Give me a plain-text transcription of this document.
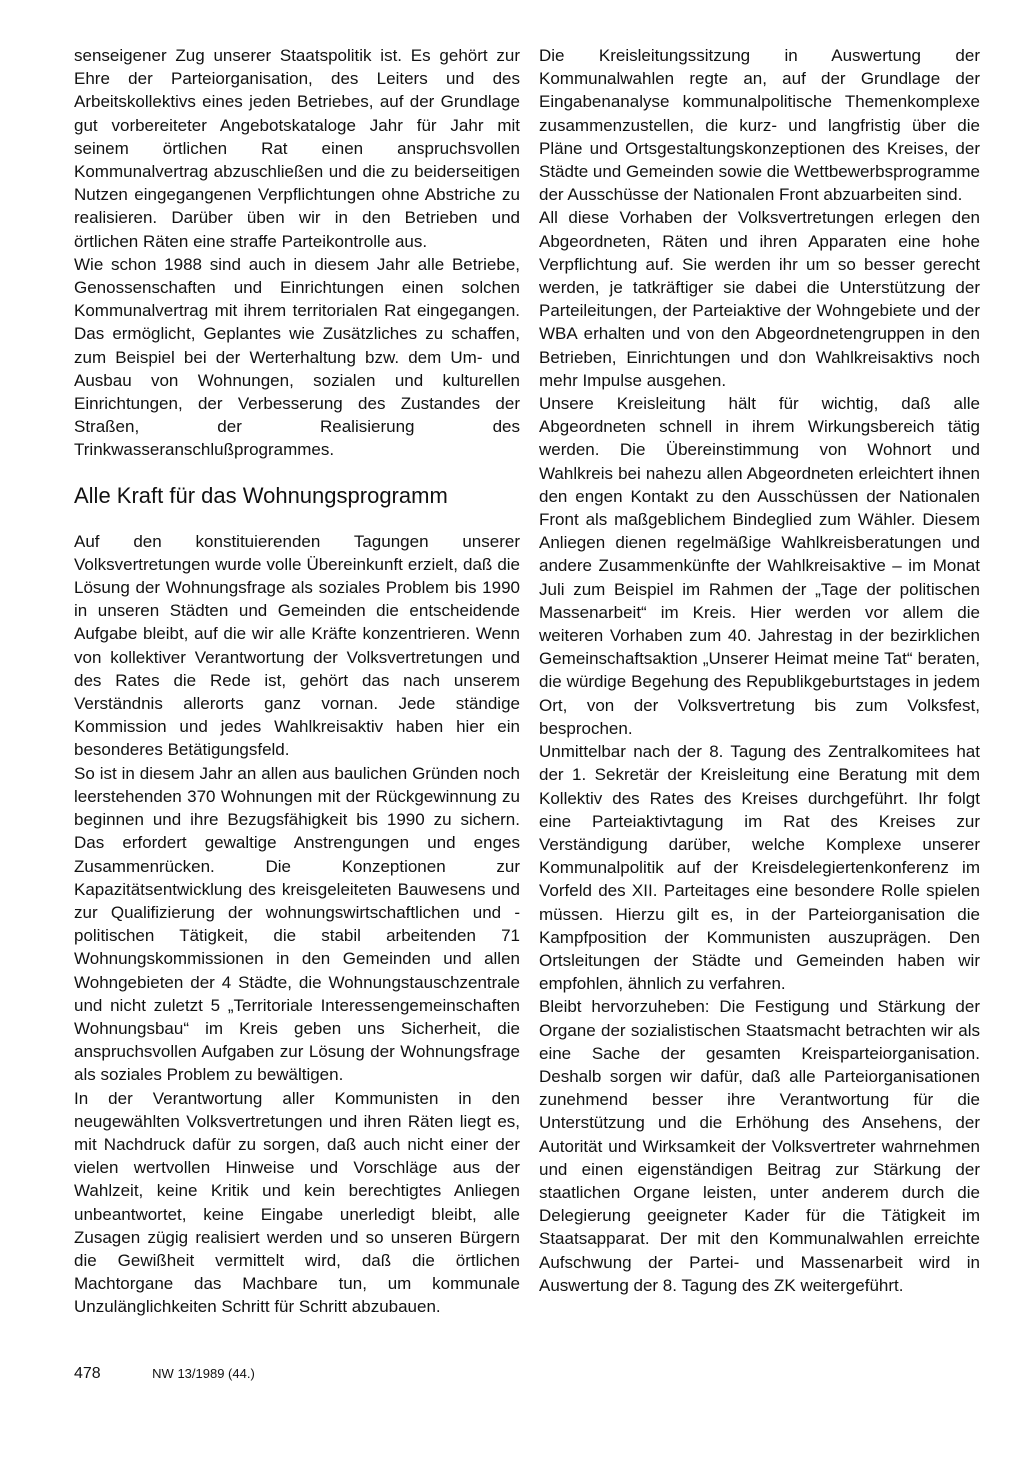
senseigener Zug unserer Staatspolitik ist. Es gehört zur Ehre der Parteiorganisation, des Leiters und des Arbeitskollektivs eines jeden Betriebes, auf der Grundlage gut vorbereiteter Angebotskataloge Jahr für Jahr mit seinem örtlichen Rat einen anspruchsvollen Kommunalvertrag abzuschließen und die zu beiderseitigen Nutzen eingegangenen Verpflichtungen ohne Abstriche zu realisieren. Darüber üben wir in den Betrieben und örtlichen Räten eine straffe Parteikontrolle aus.

Wie schon 1988 sind auch in diesem Jahr alle Betriebe, Genossenschaften und Einrichtungen einen solchen Kommunalvertrag mit ihrem territorialen Rat eingegangen. Das ermöglicht, Geplantes wie Zusätzliches zu schaffen, zum Beispiel bei der Werterhaltung bzw. dem Um- und Ausbau von Wohnungen, sozialen und kulturellen Einrichtungen, der Verbesserung des Zustandes der Straßen, der Realisierung des Trinkwasseranschlußprogrammes.

Alle Kraft für das Wohnungsprogramm

Auf den konstituierenden Tagungen unserer Volksvertretungen wurde volle Übereinkunft erzielt, daß die Lösung der Wohnungsfrage als soziales Problem bis 1990 in unseren Städten und Gemeinden die entscheidende Aufgabe bleibt, auf die wir alle Kräfte konzentrieren. Wenn von kollektiver Verantwortung der Volksvertretungen und des Rates die Rede ist, gehört das nach unserem Verständnis allerorts ganz vornan. Jede ständige Kommission und jedes Wahlkreisaktiv haben hier ein besonderes Betätigungsfeld.

So ist in diesem Jahr an allen aus baulichen Gründen noch leerstehenden 370 Wohnungen mit der Rückgewinnung zu beginnen und ihre Bezugsfähigkeit bis 1990 zu sichern. Das erfordert gewaltige Anstrengungen und enges Zusammenrücken. Die Konzeptionen zur Kapazitätsentwicklung des kreisgeleiteten Bauwesens und zur Qualifizierung der wohnungswirtschaftlichen und -politischen Tätigkeit, die stabil arbeitenden 71 Wohnungskommissionen in den Gemeinden und allen Wohngebieten der 4 Städte, die Wohnungstauschzentrale und nicht zuletzt 5 „Territoriale Interessengemeinschaften Wohnungsbau“ im Kreis geben uns Sicherheit, die anspruchsvollen Aufgaben zur Lösung der Wohnungsfrage als soziales Problem zu bewältigen.

In der Verantwortung aller Kommunisten in den neugewählten Volksvertretungen und ihren Räten liegt es, mit Nachdruck dafür zu sorgen, daß auch nicht einer der vielen wertvollen Hinweise und Vorschläge aus der Wahlzeit, keine Kritik und kein berechtigtes Anliegen unbeantwortet, keine Eingabe unerledigt bleibt, alle Zusagen zügig realisiert werden und so unseren Bürgern die Gewißheit vermittelt wird, daß die örtlichen Machtorgane das Machbare tun, um kommunale Unzulänglichkeiten Schritt für Schritt abzubauen.

Die Kreisleitungssitzung in Auswertung der Kommunalwahlen regte an, auf der Grundlage der Eingabenanalyse kommunalpolitische Themenkomplexe zusammenzustellen, die kurz- und langfristig über die Pläne und Ortsgestaltungskonzeptionen des Kreises, der Städte und Gemeinden sowie die Wettbewerbsprogramme der Ausschüsse der Nationalen Front abzuarbeiten sind.

All diese Vorhaben der Volksvertretungen erlegen den Abgeordneten, Räten und ihren Apparaten eine hohe Verpflichtung auf. Sie werden ihr um so besser gerecht werden, je tatkräftiger sie dabei die Unterstützung der Parteileitungen, der Parteiaktive der Wohngebiete und der WBA erhalten und von den Abgeordnetengruppen in den Betrieben, Einrichtungen und dɔn Wahlkreisaktivs noch mehr Impulse ausgehen.

Unsere Kreisleitung hält für wichtig, daß alle Abgeordneten schnell in ihrem Wirkungsbereich tätig werden. Die Übereinstimmung von Wohnort und Wahlkreis bei nahezu allen Abgeordneten erleichtert ihnen den engen Kontakt zu den Ausschüssen der Nationalen Front als maßgeblichem Bindeglied zum Wähler. Diesem Anliegen dienen regelmäßige Wahlkreisberatungen und andere Zusammenkünfte der Wahlkreisaktive – im Monat Juli zum Beispiel im Rahmen der „Tage der politischen Massenarbeit“ im Kreis. Hier werden vor allem die weiteren Vorhaben zum 40. Jahrestag in der bezirklichen Gemeinschaftsaktion „Unserer Heimat meine Tat“ beraten, die würdige Begehung des Republikgeburtstages in jedem Ort, von der Volksvertretung bis zum Volksfest, besprochen.

Unmittelbar nach der 8. Tagung des Zentralkomitees hat der 1. Sekretär der Kreisleitung eine Beratung mit dem Kollektiv des Rates des Kreises durchgeführt. Ihr folgt eine Parteiaktivtagung im Rat des Kreises zur Verständigung darüber, welche Komplexe unserer Kommunalpolitik auf der Kreisdelegiertenkonferenz im Vorfeld des XII. Parteitages eine besondere Rolle spielen müssen. Hierzu gilt es, in der Parteiorganisation die Kampfposition der Kommunisten auszuprägen. Den Ortsleitungen der Städte und Gemeinden haben wir empfohlen, ähnlich zu verfahren.

Bleibt hervorzuheben: Die Festigung und Stärkung der Organe der sozialistischen Staatsmacht betrachten wir als eine Sache der gesamten Kreisparteiorganisation. Deshalb sorgen wir dafür, daß alle Parteiorganisationen zunehmend besser ihre Verantwortung für die Unterstützung und die Erhöhung des Ansehens, der Autorität und Wirksamkeit der Volksvertreter wahrnehmen und einen eigenständigen Beitrag zur Stärkung der staatlichen Organe leisten, unter anderem durch die Delegierung geeigneter Kader für die Tätigkeit im Staatsapparat. Der mit den Kommunalwahlen erreichte Aufschwung der Partei- und Massenarbeit wird in Auswertung der 8. Tagung des ZK weitergeführt.

478	NW 13/1989 (44.)
